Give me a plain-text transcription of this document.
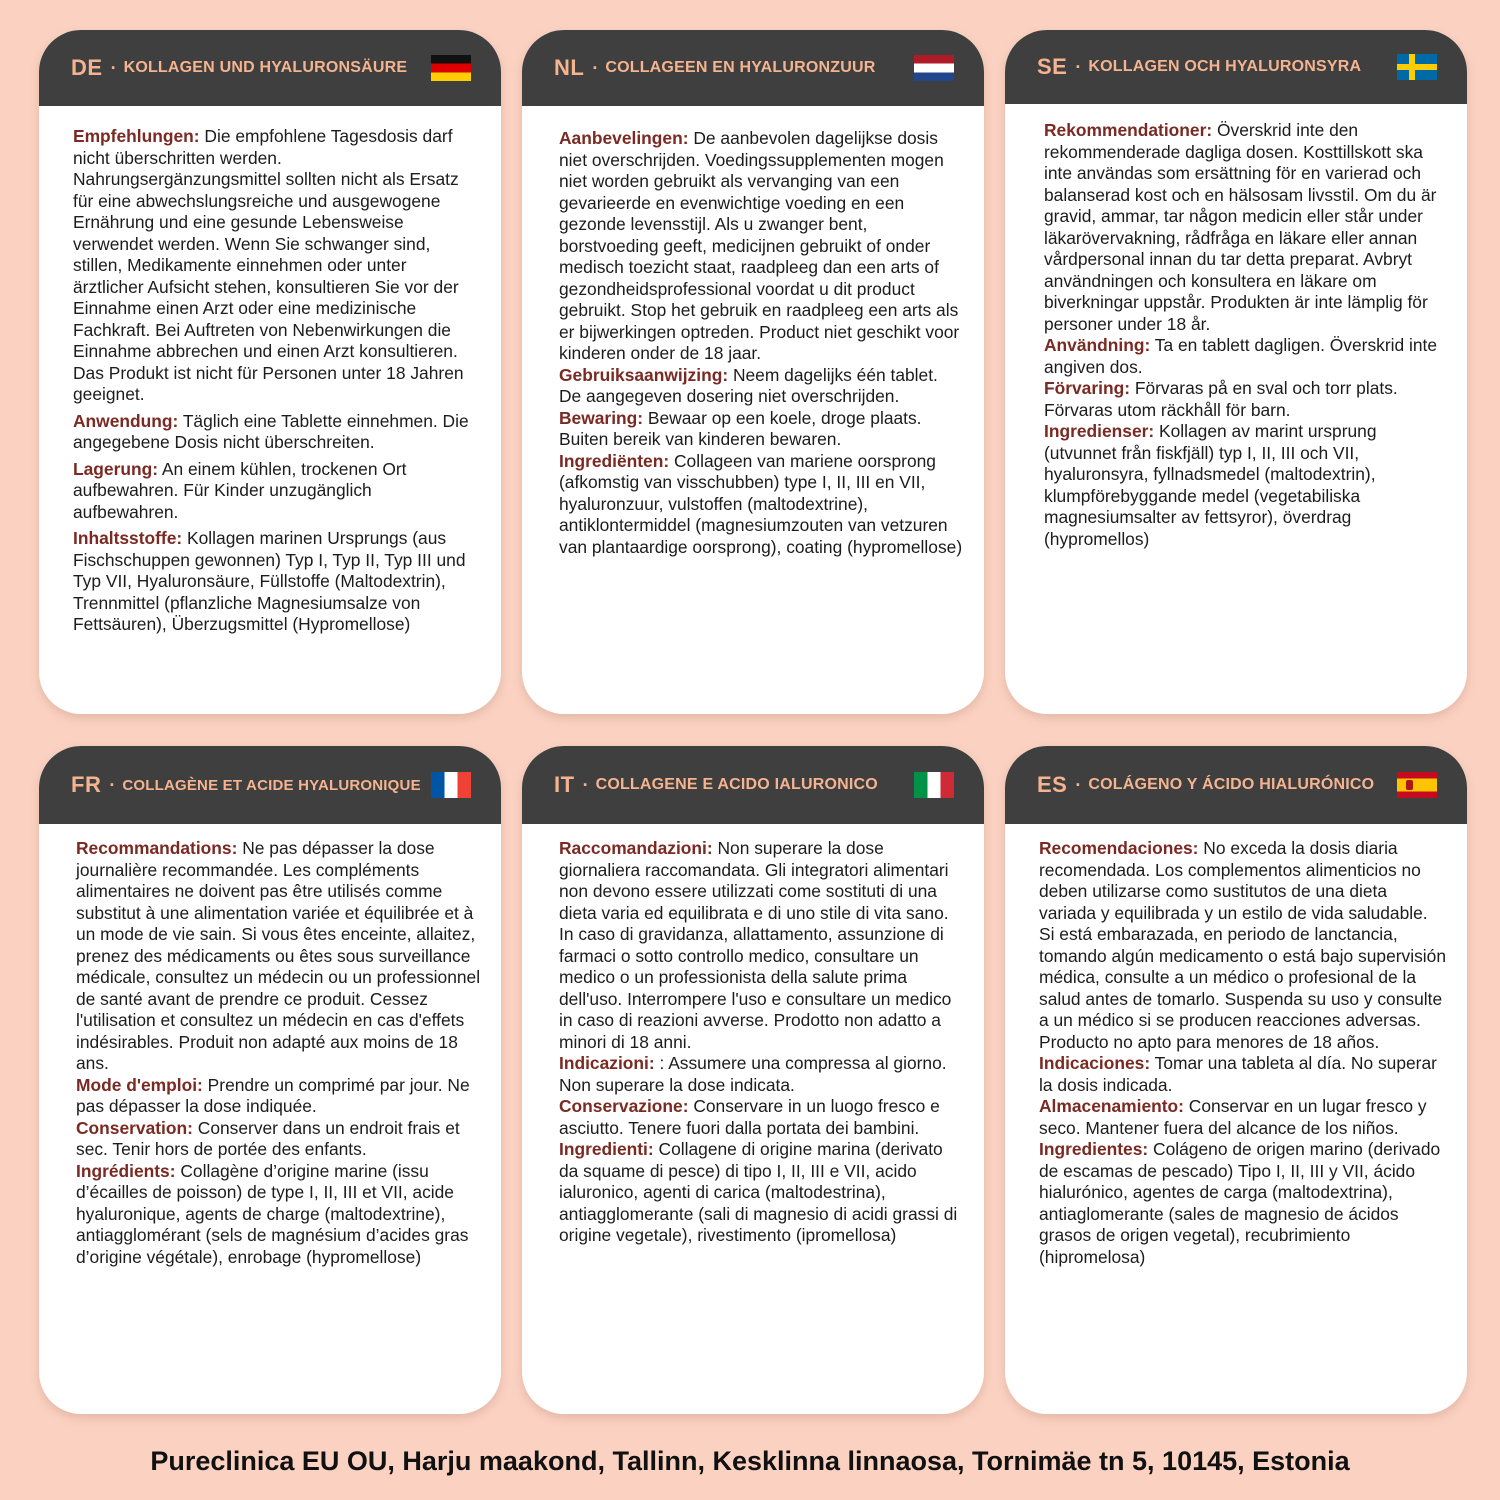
DE · KOLLAGEN UND HYALURONSÄURE

Empfehlungen: Die empfohlene Tagesdosis darf nicht überschritten werden. Nahrungsergänzungsmittel sollten nicht als Ersatz für eine abwechslungsreiche und ausgewogene Ernährung und eine gesunde Lebensweise verwendet werden. Wenn Sie schwanger sind, stillen, Medikamente einnehmen oder unter ärztlicher Aufsicht stehen, konsultieren Sie vor der Einnahme einen Arzt oder eine medizinische Fachkraft. Bei Auftreten von Nebenwirkungen die Einnahme abbrechen und einen Arzt konsultieren. Das Produkt ist nicht für Personen unter 18 Jahren geeignet.

Anwendung: Täglich eine Tablette einnehmen. Die angegebene Dosis nicht überschreiten.

Lagerung: An einem kühlen, trockenen Ort aufbewahren. Für Kinder unzugänglich aufbewahren.

Inhaltsstoffe: Kollagen marinen Ursprungs (aus Fischschuppen gewonnen) Typ I, Typ II, Typ III und Typ VII, Hyaluronsäure, Füllstoffe (Maltodextrin), Trennmittel (pflanzliche Magnesiumsalze von Fettsäuren), Überzugsmittel (Hypromellose)

NL · COLLAGEEN EN HYALURONZUUR

Aanbevelingen: De aanbevolen dagelijkse dosis niet overschrijden. Voedingssupplementen mogen niet worden gebruikt als vervanging van een gevarieerde en evenwichtige voeding en een gezonde levensstijl. Als u zwanger bent, borstvoeding geeft, medicijnen gebruikt of onder medisch toezicht staat, raadpleeg dan een arts of gezondheidsprofessional voordat u dit product gebruikt. Stop het gebruik en raadpleeg een arts als er bijwerkingen optreden. Product niet geschikt voor kinderen onder de 18 jaar.

Gebruiksaanwijzing: Neem dagelijks één tablet. De aangegeven dosering niet overschrijden.

Bewaring: Bewaar op een koele, droge plaats. Buiten bereik van kinderen bewaren.

Ingrediënten: Collageen van mariene oorsprong (afkomstig van visschubben) type I, II, III en VII, hyaluronzuur, vulstoffen (maltodextrine), antiklontermiddel (magnesiumzouten van vetzuren van plantaardige oorsprong), coating (hypromellose)

SE · KOLLAGEN OCH HYALURONSYRA

Rekommendationer: Överskrid inte den rekommenderade dagliga dosen. Kosttillskott ska inte användas som ersättning för en varierad och balanserad kost och en hälsosam livsstil. Om du är gravid, ammar, tar någon medicin eller står under läkarövervakning, rådfråga en läkare eller annan vårdpersonal innan du tar detta preparat. Avbryt användningen och konsultera en läkare om biverkningar uppstår. Produkten är inte lämplig för personer under 18 år.

Användning: Ta en tablett dagligen. Överskrid inte angiven dos.

Förvaring: Förvaras på en sval och torr plats. Förvaras utom räckhåll för barn.

Ingredienser: Kollagen av marint ursprung (utvunnet från fiskfjäll) typ I, II, III och VII, hyaluronsyra, fyllnadsmedel (maltodextrin), klumpförebyggande medel (vegetabiliska magnesiumsalter av fettsyror), överdrag (hypromellos)

FR · COLLAGÈNE ET ACIDE HYALURONIQUE

Recommandations: Ne pas dépasser la dose journalière recommandée. Les compléments alimentaires ne doivent pas être utilisés comme substitut à une alimentation variée et équilibrée et à un mode de vie sain. Si vous êtes enceinte, allaitez, prenez des médicaments ou êtes sous surveillance médicale, consultez un médecin ou un professionnel de santé avant de prendre ce produit. Cessez l'utilisation et consultez un médecin en cas d'effets indésirables. Produit non adapté aux moins de 18 ans.

Mode d'emploi: Prendre un comprimé par jour. Ne pas dépasser la dose indiquée.

Conservation: Conserver dans un endroit frais et sec. Tenir hors de portée des enfants.

Ingrédients: Collagène d’origine marine (issu d’écailles de poisson) de type I, II, III et VII, acide hyaluronique, agents de charge (maltodextrine), antiagglomérant (sels de magnésium d’acides gras d’origine végétale), enrobage (hypromellose)

IT · COLLAGENE E ACIDO IALURONICO

Raccomandazioni: Non superare la dose giornaliera raccomandata. Gli integratori alimentari non devono essere utilizzati come sostituti di una dieta varia ed equilibrata e di uno stile di vita sano. In caso di gravidanza, allattamento, assunzione di farmaci o sotto controllo medico, consultare un medico o un professionista della salute prima dell'uso. Interrompere l'uso e consultare un medico in caso di reazioni avverse. Prodotto non adatto a minori di 18 anni.

Indicazioni: : Assumere una compressa al giorno. Non superare la dose indicata.

Conservazione: Conservare in un luogo fresco e asciutto. Tenere fuori dalla portata dei bambini.

Ingredienti: Collagene di origine marina (derivato da squame di pesce) di tipo I, II, III e VII, acido ialuronico, agenti di carica (maltodestrina), antiagglomerante (sali di magnesio di acidi grassi di origine vegetale), rivestimento (ipromellosa)

ES · COLÁGENO Y ÁCIDO HIALURÓNICO

Recomendaciones: No exceda la dosis diaria recomendada. Los complementos alimenticios no deben utilizarse como sustitutos de una dieta variada y equilibrada y un estilo de vida saludable. Si está embarazada, en periodo de lanctancia, tomando algún medicamento o está bajo supervisión médica, consulte a un médico o profesional de la salud antes de tomarlo. Suspenda su uso y consulte a un médico si se producen reacciones adversas. Producto no apto para menores de 18 años.

Indicaciones: Tomar una tableta al día. No superar la dosis indicada.

Almacenamiento: Conservar en un lugar fresco y seco. Mantener fuera del alcance de los niños.

Ingredientes: Colágeno de origen marino (derivado de escamas de pescado) Tipo I, II, III y VII, ácido hialurónico, agentes de carga (maltodextrina), antiaglomerante (sales de magnesio de ácidos grasos de origen vegetal), recubrimiento (hipromelosa)

Pureclinica EU OU, Harju maakond, Tallinn, Kesklinna linnaosa, Tornimäe tn 5, 10145, Estonia
